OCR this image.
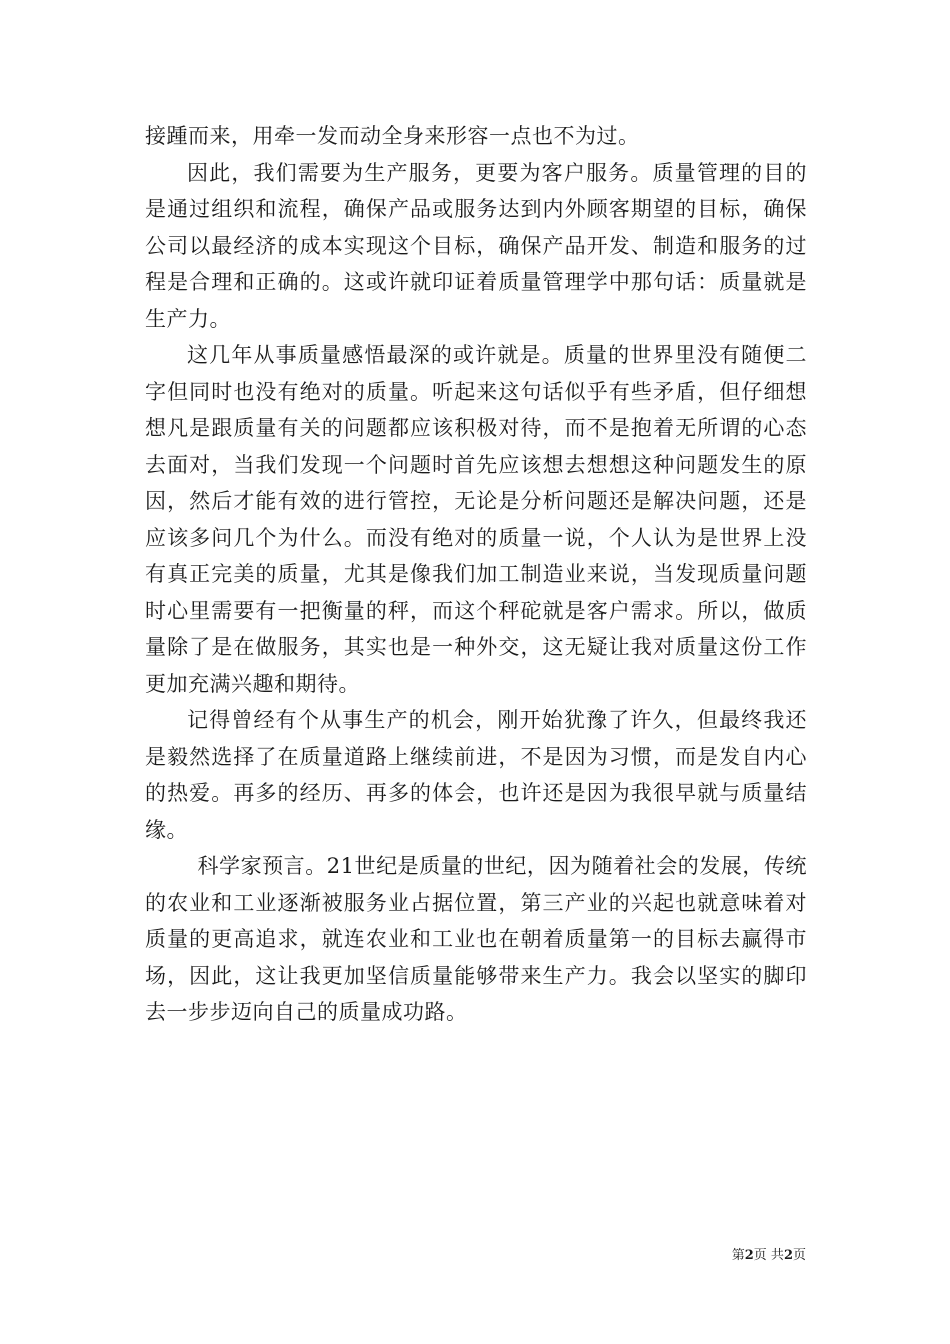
接踵而来，用牵一发而动全身来形容一点也不为过。

因此，我们需要为生产服务，更要为客户服务。质量管理的目的是通过组织和流程，确保产品或服务达到内外顾客期望的目标，确保公司以最经济的成本实现这个目标，确保产品开发、制造和服务的过程是合理和正确的。这或许就印证着质量管理学中那句话：质量就是生产力。

这几年从事质量感悟最深的或许就是。质量的世界里没有随便二字但同时也没有绝对的质量。听起来这句话似乎有些矛盾，但仔细想想凡是跟质量有关的问题都应该积极对待，而不是抱着无所谓的心态去面对，当我们发现一个问题时首先应该想去想想这种问题发生的原因，然后才能有效的进行管控，无论是分析问题还是解决问题，还是应该多问几个为什么。而没有绝对的质量一说，个人认为是世界上没有真正完美的质量，尤其是像我们加工制造业来说，当发现质量问题时心里需要有一把衡量的秤，而这个秤砣就是客户需求。所以，做质量除了是在做服务，其实也是一种外交，这无疑让我对质量这份工作更加充满兴趣和期待。

记得曾经有个从事生产的机会，刚开始犹豫了许久，但最终我还是毅然选择了在质量道路上继续前进，不是因为习惯，而是发自内心的热爱。再多的经历、再多的体会，也许还是因为我很早就与质量结缘。

科学家预言。21世纪是质量的世纪，因为随着社会的发展，传统的农业和工业逐渐被服务业占据位置，第三产业的兴起也就意味着对质量的更高追求，就连农业和工业也在朝着质量第一的目标去赢得市场，因此，这让我更加坚信质量能够带来生产力。我会以坚实的脚印去一步步迈向自己的质量成功路。

第2页 共2页
